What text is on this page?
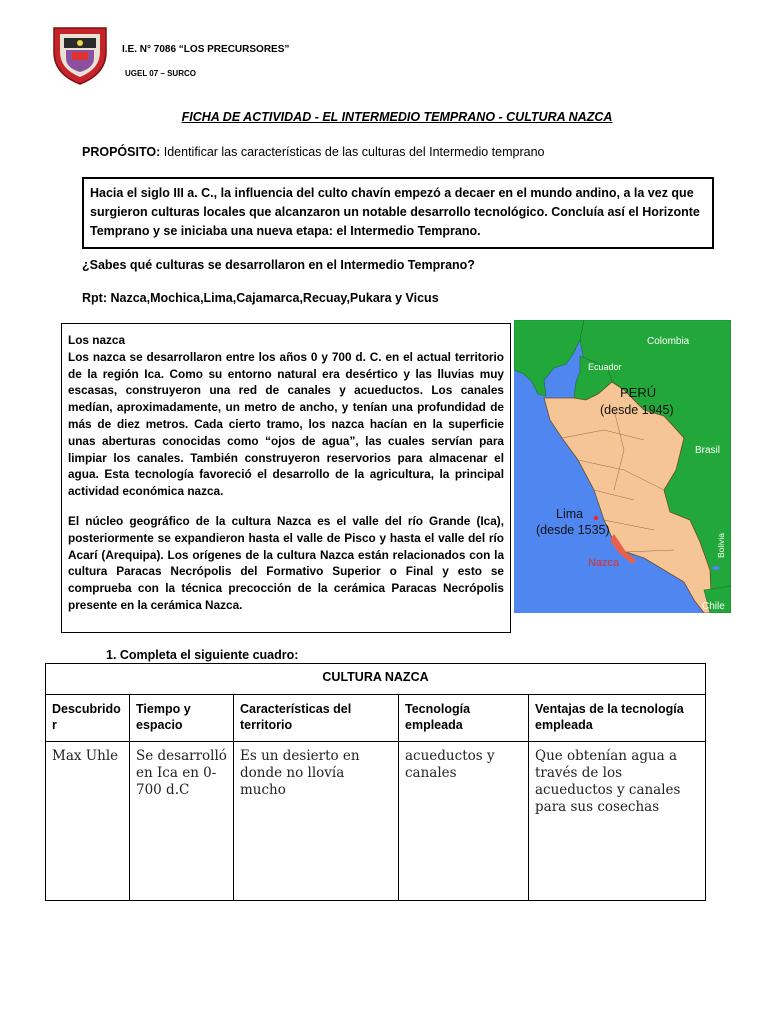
I.E. N° 7086 “LOS PRECURSORES”
UGEL 07 – SURCO
FICHA DE ACTIVIDAD - EL INTERMEDIO TEMPRANO - CULTURA NAZCA
PROPÓSITO: Identificar las características de las culturas del Intermedio temprano
Hacia el siglo III a. C., la influencia del culto chavín empezó a decaer en el mundo andino, a la vez que
surgieron culturas locales que alcanzaron un notable desarrollo tecnológico. Concluía así el Horizonte
Temprano y se iniciaba una nueva etapa: el Intermedio Temprano.
¿Sabes qué culturas se desarrollaron en el Intermedio Temprano?
Rpt: Nazca,Mochica,Lima,Cajamarca,Recuay,Pukara y Vicus

Los nazca

Los nazca se desarrollaron entre los años 0 y 700 d. C. en el actual territorio de la región Ica. Como su entorno natural era desértico y las lluvias muy escasas, construyeron una red de canales y acueductos. Los canales medían, aproximadamente, un metro de ancho, y tenían una profundidad de más de diez metros. Cada cierto tramo, los nazca hacían en la superficie unas aberturas conocidas como “ojos de agua”, las cuales servían para limpiar los canales. También construyeron reservorios para almacenar el agua. Esta tecnología favoreció el desarrollo de la agricultura, la principal actividad económica nazca.

El núcleo geográfico de la cultura Nazca es el valle del río Grande (Ica), posteriormente se expandieron hasta el valle de Pisco y hasta el valle del río Acarí (Arequipa). Los orígenes de la cultura Nazca están relacionados con la cultura Paracas Necrópolis del Formativo Superior o Final y esto se comprueba con la técnica precocción de la cerámica Paracas Necrópolis presente en la cerámica Nazca.

Colombia
Ecuador
PERÚ
(desde 1945)
Brasil
Lima
(desde 1535)
Nazca
Bolivia
Chile
1. Completa el siguiente cuadro:
CULTURA NAZCA				
Descubrido r	Tiempo y espacio	Características del territorio	Tecnología empleada	Ventajas de la tecnología empleada
Max Uhle	Se desarrolló en Ica en 0-700 d.C	Es un desierto en donde no llovía mucho	acueductos y canales	Que obtenían agua a través de los acueductos y canales para sus cosechas
